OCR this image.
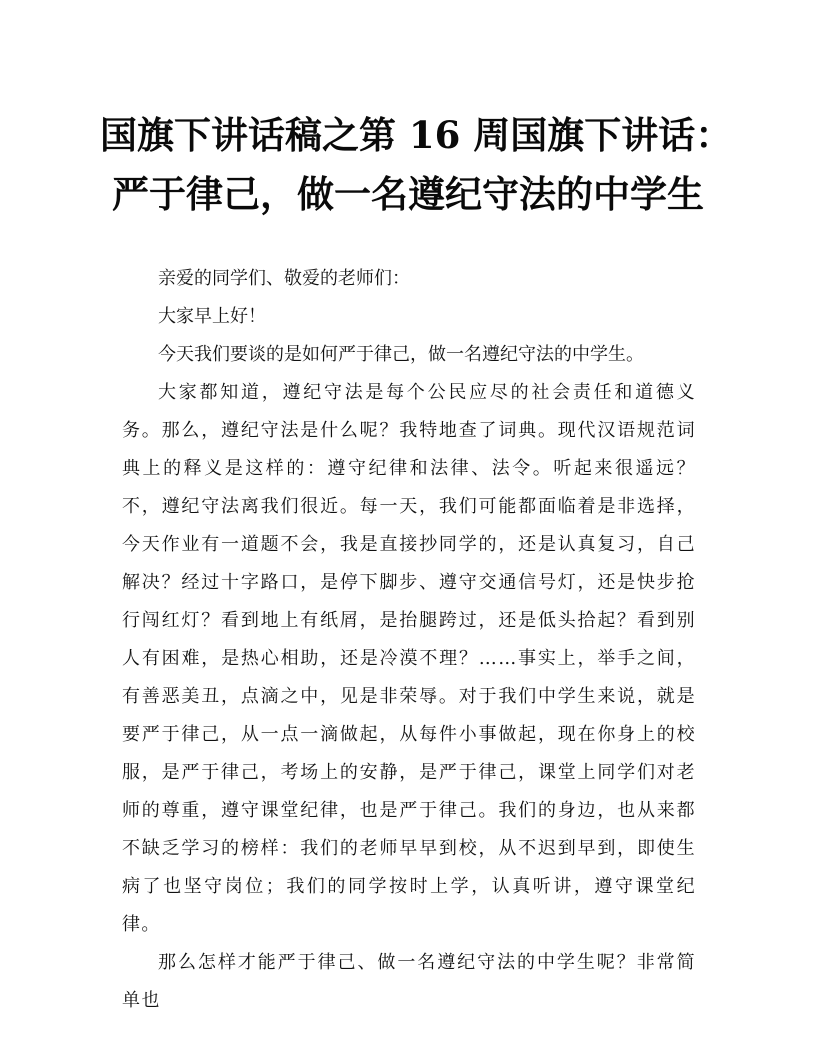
国旗下讲话稿之第 16 周国旗下讲话：
严于律己，做一名遵纪守法的中学生

亲爱的同学们、敬爱的老师们：

大家早上好！

今天我们要谈的是如何严于律己，做一名遵纪守法的中学生。

大家都知道，遵纪守法是每个公民应尽的社会责任和道德义务。那么，遵纪守法是什么呢？我特地查了词典。现代汉语规范词典上的释义是这样的：遵守纪律和法律、法令。听起来很遥远？不，遵纪守法离我们很近。每一天，我们可能都面临着是非选择，今天作业有一道题不会，我是直接抄同学的，还是认真复习，自己解决？经过十字路口，是停下脚步、遵守交通信号灯，还是快步抢行闯红灯？看到地上有纸屑，是抬腿跨过，还是低头拾起？看到别人有困难，是热心相助，还是冷漠不理？……事实上，举手之间，有善恶美丑，点滴之中，见是非荣辱。对于我们中学生来说，就是要严于律己，从一点一滴做起，从每件小事做起，现在你身上的校服，是严于律己，考场上的安静，是严于律己，课堂上同学们对老师的尊重，遵守课堂纪律，也是严于律己。我们的身边，也从来都不缺乏学习的榜样：我们的老师早早到校，从不迟到早到，即使生病了也坚守岗位；我们的同学按时上学，认真听讲，遵守课堂纪律。

那么怎样才能严于律己、做一名遵纪守法的中学生呢？非常简单也
